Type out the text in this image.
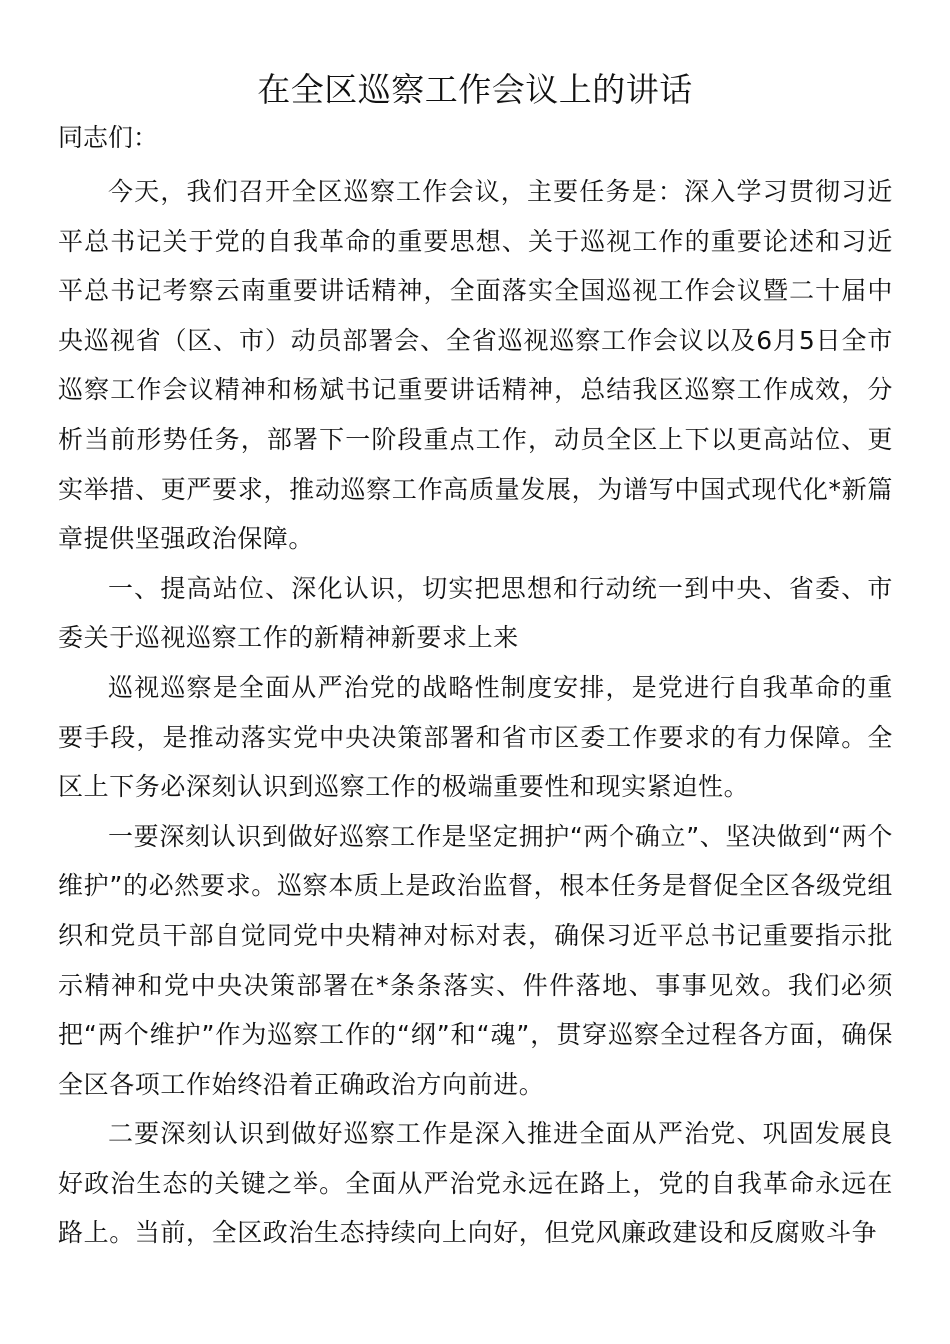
在全区巡察工作会议上的讲话

同志们：

今天，我们召开全区巡察工作会议，主要任务是：深入学习贯彻习近平总书记关于党的自我革命的重要思想、关于巡视工作的重要论述和习近平总书记考察云南重要讲话精神，全面落实全国巡视工作会议暨二十届中央巡视省（区、市）动员部署会、全省巡视巡察工作会议以及6月5日全市巡察工作会议精神和杨斌书记重要讲话精神，总结我区巡察工作成效，分析当前形势任务，部署下一阶段重点工作，动员全区上下以更高站位、更实举措、更严要求，推动巡察工作高质量发展，为谱写中国式现代化*新篇章提供坚强政治保障。

一、提高站位、深化认识，切实把思想和行动统一到中央、省委、市委关于巡视巡察工作的新精神新要求上来

巡视巡察是全面从严治党的战略性制度安排，是党进行自我革命的重要手段，是推动落实党中央决策部署和省市区委工作要求的有力保障。全区上下务必深刻认识到巡察工作的极端重要性和现实紧迫性。

一要深刻认识到做好巡察工作是坚定拥护“两个确立”、坚决做到“两个维护”的必然要求。巡察本质上是政治监督，根本任务是督促全区各级党组织和党员干部自觉同党中央精神对标对表，确保习近平总书记重要指示批示精神和党中央决策部署在*条条落实、件件落地、事事见效。我们必须把“两个维护”作为巡察工作的“纲”和“魂”，贯穿巡察全过程各方面，确保全区各项工作始终沿着正确政治方向前进。

二要深刻认识到做好巡察工作是深入推进全面从严治党、巩固发展良好政治生态的关键之举。全面从严治党永远在路上，党的自我革命永远在路上。当前，全区政治生态持续向上向好，但党风廉政建设和反腐败斗争
